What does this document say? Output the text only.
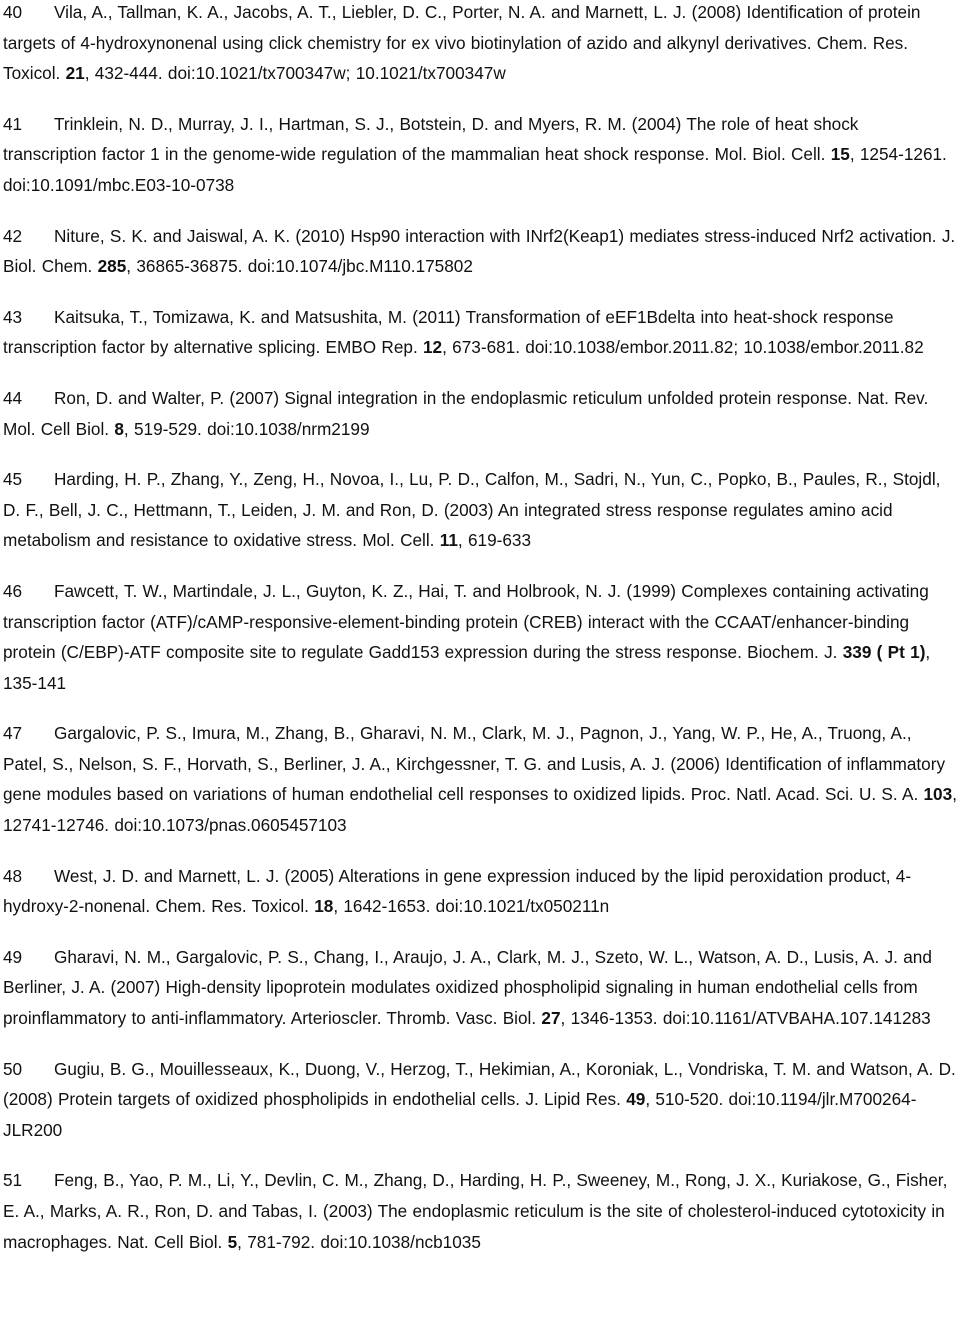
40 Vila, A., Tallman, K. A., Jacobs, A. T., Liebler, D. C., Porter, N. A. and Marnett, L. J. (2008) Identification of protein targets of 4-hydroxynonenal using click chemistry for ex vivo biotinylation of azido and alkynyl derivatives. Chem. Res. Toxicol. 21, 432-444. doi:10.1021/tx700347w; 10.1021/tx700347w

41 Trinklein, N. D., Murray, J. I., Hartman, S. J., Botstein, D. and Myers, R. M. (2004) The role of heat shock transcription factor 1 in the genome-wide regulation of the mammalian heat shock response. Mol. Biol. Cell. 15, 1254-1261. doi:10.1091/mbc.E03-10-0738

42 Niture, S. K. and Jaiswal, A. K. (2010) Hsp90 interaction with INrf2(Keap1) mediates stress-induced Nrf2 activation. J. Biol. Chem. 285, 36865-36875. doi:10.1074/jbc.M110.175802

43 Kaitsuka, T., Tomizawa, K. and Matsushita, M. (2011) Transformation of eEF1Bdelta into heat-shock response transcription factor by alternative splicing. EMBO Rep. 12, 673-681. doi:10.1038/embor.2011.82; 10.1038/embor.2011.82

44 Ron, D. and Walter, P. (2007) Signal integration in the endoplasmic reticulum unfolded protein response. Nat. Rev. Mol. Cell Biol. 8, 519-529. doi:10.1038/nrm2199

45 Harding, H. P., Zhang, Y., Zeng, H., Novoa, I., Lu, P. D., Calfon, M., Sadri, N., Yun, C., Popko, B., Paules, R., Stojdl, D. F., Bell, J. C., Hettmann, T., Leiden, J. M. and Ron, D. (2003) An integrated stress response regulates amino acid metabolism and resistance to oxidative stress. Mol. Cell. 11, 619-633

46 Fawcett, T. W., Martindale, J. L., Guyton, K. Z., Hai, T. and Holbrook, N. J. (1999) Complexes containing activating transcription factor (ATF)/cAMP-responsive-element-binding protein (CREB) interact with the CCAAT/enhancer-binding protein (C/EBP)-ATF composite site to regulate Gadd153 expression during the stress response. Biochem. J. 339 ( Pt 1), 135-141

47 Gargalovic, P. S., Imura, M., Zhang, B., Gharavi, N. M., Clark, M. J., Pagnon, J., Yang, W. P., He, A., Truong, A., Patel, S., Nelson, S. F., Horvath, S., Berliner, J. A., Kirchgessner, T. G. and Lusis, A. J. (2006) Identification of inflammatory gene modules based on variations of human endothelial cell responses to oxidized lipids. Proc. Natl. Acad. Sci. U. S. A. 103, 12741-12746. doi:10.1073/pnas.0605457103

48 West, J. D. and Marnett, L. J. (2005) Alterations in gene expression induced by the lipid peroxidation product, 4-hydroxy-2-nonenal. Chem. Res. Toxicol. 18, 1642-1653. doi:10.1021/tx050211n

49 Gharavi, N. M., Gargalovic, P. S., Chang, I., Araujo, J. A., Clark, M. J., Szeto, W. L., Watson, A. D., Lusis, A. J. and Berliner, J. A. (2007) High-density lipoprotein modulates oxidized phospholipid signaling in human endothelial cells from proinflammatory to anti-inflammatory. Arterioscler. Thromb. Vasc. Biol. 27, 1346-1353. doi:10.1161/ATVBAHA.107.141283

50 Gugiu, B. G., Mouillesseaux, K., Duong, V., Herzog, T., Hekimian, A., Koroniak, L., Vondriska, T. M. and Watson, A. D. (2008) Protein targets of oxidized phospholipids in endothelial cells. J. Lipid Res. 49, 510-520. doi:10.1194/jlr.M700264-JLR200

51 Feng, B., Yao, P. M., Li, Y., Devlin, C. M., Zhang, D., Harding, H. P., Sweeney, M., Rong, J. X., Kuriakose, G., Fisher, E. A., Marks, A. R., Ron, D. and Tabas, I. (2003) The endoplasmic reticulum is the site of cholesterol-induced cytotoxicity in macrophages. Nat. Cell Biol. 5, 781-792. doi:10.1038/ncb1035
